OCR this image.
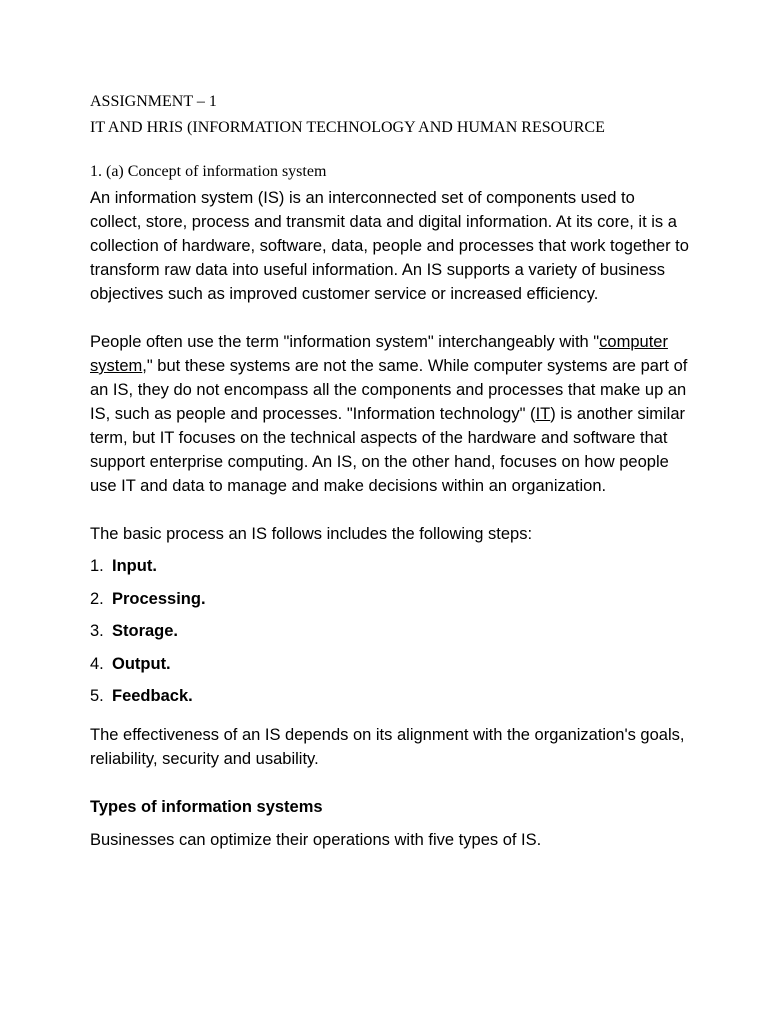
ASSIGNMENT – 1

IT AND HRIS (INFORMATION TECHNOLOGY AND HUMAN RESOURCE

1. (a) Concept of information system

An information system (IS) is an interconnected set of components used to collect, store, process and transmit data and digital information. At its core, it is a collection of hardware, software, data, people and processes that work together to transform raw data into useful information. An IS supports a variety of business objectives such as improved customer service or increased efficiency.

People often use the term "information system" interchangeably with "computer system," but these systems are not the same. While computer systems are part of an IS, they do not encompass all the components and processes that make up an IS, such as people and processes. "Information technology" (IT) is another similar term, but IT focuses on the technical aspects of the hardware and software that support enterprise computing. An IS, on the other hand, focuses on how people use IT and data to manage and make decisions within an organization.

The basic process an IS follows includes the following steps:

1. Input.
2. Processing.
3. Storage.
4. Output.
5. Feedback.

The effectiveness of an IS depends on its alignment with the organization's goals, reliability, security and usability.

Types of information systems

Businesses can optimize their operations with five types of IS.
